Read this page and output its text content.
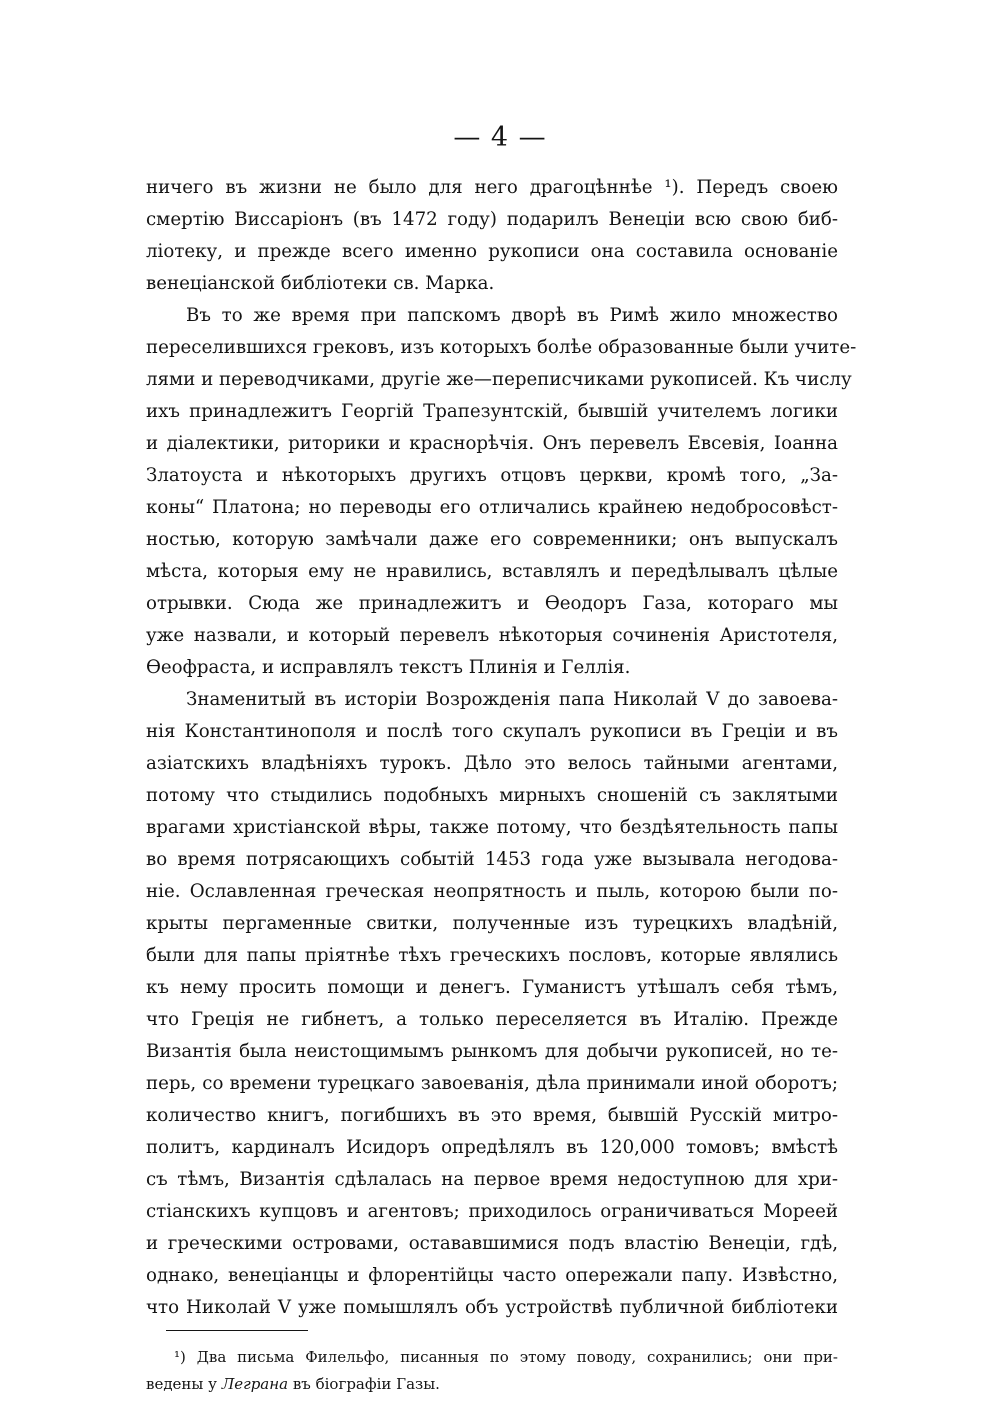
— 4 —
ничего въ жизни не было для него драгоцѣннѣе ¹). Передъ своею
смертію Виссаріонъ (въ 1472 году) подарилъ Венеціи всю свою биб-
ліотеку, и прежде всего именно рукописи она составила основаніе
венеціанской библіотеки св. Марка.
Въ то же время при папскомъ дворѣ въ Римѣ жило множество
переселившихся грековъ, изъ которыхъ болѣе образованные были учите-
лями и переводчиками, другіе же—переписчиками рукописей. Къ числу
ихъ принадлежитъ Георгій Трапезунтскій, бывшій учителемъ логики
и діалектики, риторики и краснорѣчія. Онъ перевелъ Евсевія, Іоанна
Златоуста и нѣкоторыхъ другихъ отцовъ церкви, кромѣ того, „За-
коны“ Платона; но переводы его отличались крайнею недобросовѣст-
ностью, которую замѣчали даже его современники; онъ выпускалъ
мѣста, которыя ему не нравились, вставлялъ и передѣлывалъ цѣлые
отрывки. Сюда же принадлежитъ и Ѳеодоръ Газа, котораго мы
уже назвали, и который перевелъ нѣкоторыя сочиненія Аристотеля,
Ѳеофраста, и исправлялъ текстъ Плинія и Геллія.
Знаменитый въ исторіи Возрожденія папа Николай V до завоева-
нія Константинополя и послѣ того скупалъ рукописи въ Греціи и въ
азіатскихъ владѣніяхъ турокъ. Дѣло это велось тайными агентами,
потому что стыдились подобныхъ мирныхъ сношеній съ заклятыми
врагами христіанской вѣры, также потому, что бездѣятельность папы
во время потрясающихъ событій 1453 года уже вызывала негодова-
ніе. Ославленная греческая неопрятность и пыль, которою были по-
крыты пергаменные свитки, полученные изъ турецкихъ владѣній,
были для папы пріятнѣе тѣхъ греческихъ пословъ, которые являлись
къ нему просить помощи и денегъ. Гуманистъ утѣшалъ себя тѣмъ,
что Греція не гибнетъ, а только переселяется въ Италію. Прежде
Византія была неистощимымъ рынкомъ для добычи рукописей, но те-
перь, со времени турецкаго завоеванія, дѣла принимали иной оборотъ;
количество книгъ, погибшихъ въ это время, бывшій Русскій митро-
политъ, кардиналъ Исидоръ опредѣлялъ въ 120,000 томовъ; вмѣстѣ
съ тѣмъ, Византія сдѣлалась на первое время недоступною для хри-
стіанскихъ купцовъ и агентовъ; приходилось ограничиваться Мореей
и греческими островами, остававшимися подъ властію Венеціи, гдѣ,
однако, венеціанцы и флорентійцы часто опережали папу. Извѣстно,
что Николай V уже помышлялъ объ устройствѣ публичной библіотеки
¹) Два письма Филельфо, писанныя по этому поводу, сохранились; они при-
ведены у Леграна въ біографіи Газы.
